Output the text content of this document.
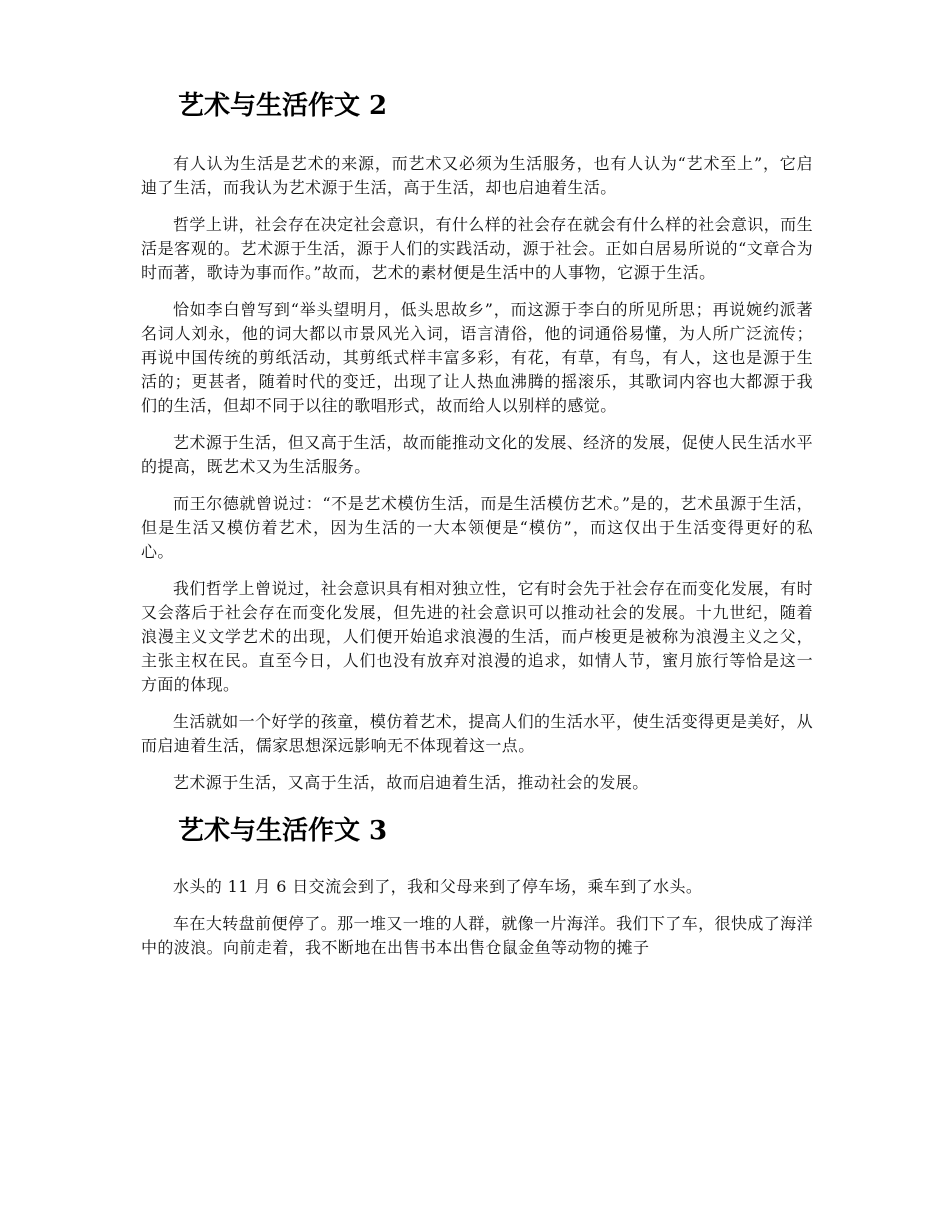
艺术与生活作文 2

有人认为生活是艺术的来源，而艺术又必须为生活服务，也有人认为“艺术至上”，它启迪了生活，而我认为艺术源于生活，高于生活，却也启迪着生活。

哲学上讲，社会存在决定社会意识，有什么样的社会存在就会有什么样的社会意识，而生活是客观的。艺术源于生活，源于人们的实践活动，源于社会。正如白居易所说的“文章合为时而著，歌诗为事而作。”故而，艺术的素材便是生活中的人事物，它源于生活。

恰如李白曾写到“举头望明月，低头思故乡”，而这源于李白的所见所思；再说婉约派著名词人刘永，他的词大都以市景风光入词，语言清俗，他的词通俗易懂，为人所广泛流传；再说中国传统的剪纸活动，其剪纸式样丰富多彩，有花，有草，有鸟，有人，这也是源于生活的；更甚者，随着时代的变迁，出现了让人热血沸腾的摇滚乐，其歌词内容也大都源于我们的生活，但却不同于以往的歌唱形式，故而给人以别样的感觉。

艺术源于生活，但又高于生活，故而能推动文化的发展、经济的发展，促使人民生活水平的提高，既艺术又为生活服务。

而王尔德就曾说过：“不是艺术模仿生活，而是生活模仿艺术。”是的，艺术虽源于生活，但是生活又模仿着艺术，因为生活的一大本领便是“模仿”，而这仅出于生活变得更好的私心。

我们哲学上曾说过，社会意识具有相对独立性，它有时会先于社会存在而变化发展，有时又会落后于社会存在而变化发展，但先进的社会意识可以推动社会的发展。十九世纪，随着浪漫主义文学艺术的出现，人们便开始追求浪漫的生活，而卢梭更是被称为浪漫主义之父，主张主权在民。直至今日，人们也没有放弃对浪漫的追求，如情人节，蜜月旅行等恰是这一方面的体现。

生活就如一个好学的孩童，模仿着艺术，提高人们的生活水平，使生活变得更是美好，从而启迪着生活，儒家思想深远影响无不体现着这一点。

艺术源于生活，又高于生活，故而启迪着生活，推动社会的发展。

艺术与生活作文 3

水头的 11 月 6 日交流会到了，我和父母来到了停车场，乘车到了水头。

车在大转盘前便停了。那一堆又一堆的人群，就像一片海洋。我们下了车，很快成了海洋中的波浪。向前走着，我不断地在出售书本出售仓鼠金鱼等动物的摊子
